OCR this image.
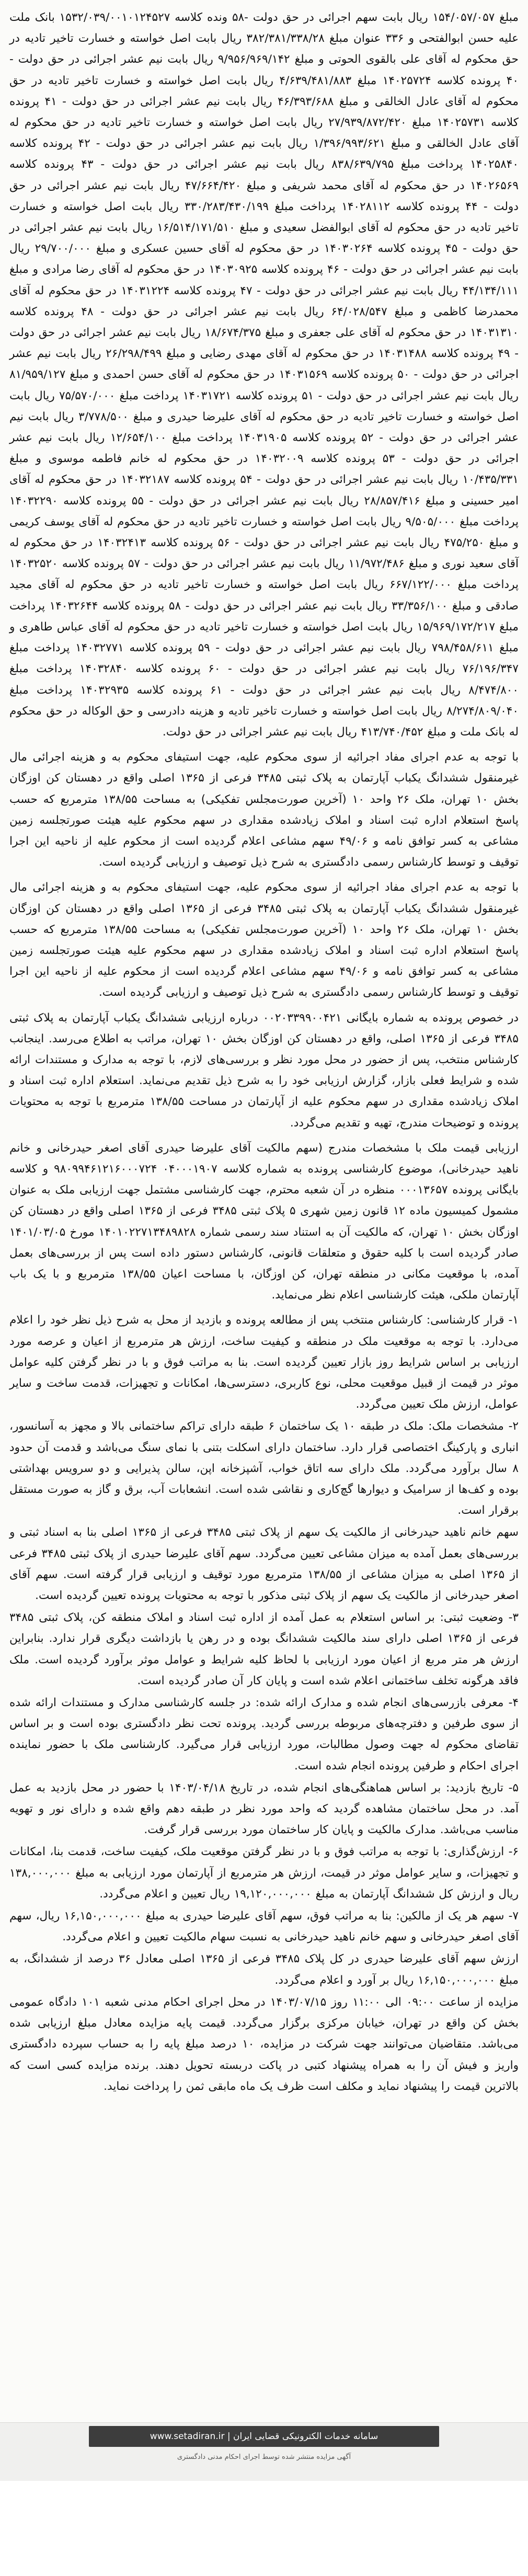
مبلغ ۱۵۴/۰۵۷/۰۵۷ ریال بابت سهم اجرائی در حق دولت‌ -۵۸ ونده ‌کلاسه ۱۵۳۲/۰۳۹/۰۰۱۰۱۲۴۵۲۷ بانک ملت علیه حسن ابوالفتحی و ۳۳۶ عنوان مبلغ ۳۸۲/۳۸۱/۳۳۸/۲۸ ریال بابت اصل خواسته و خسارت تاخیر تادیه در حق محکوم له آقای علی بالقوی الحوتی و مبلغ ۹/۹۵۶/۹۶۹/۱۴۲ ریال بابت نیم عشر اجرائی در حق دولت - ۴۰ پرونده کلاسه ۱۴۰۲۵۷۲۴ مبلغ ۴/۶۳۹/۴۸۱/۸۸۳ ریال بابت اصل خواسته و خسارت تاخیر تادیه در حق محکوم له آقای عادل الخالقی و مبلغ ۴۶/۳۹۳/۶۸۸ ریال بابت نیم عشر اجرائی در حق دولت - ۴۱ پرونده کلاسه ۱۴۰۲۵۷۳۱ مبلغ ۲۷/۹۳۹/۸۷۲/۴۲۰ ریال بابت اصل خواسته و خسارت تاخیر تادیه در حق محکوم له آقای عادل الخالقی و مبلغ ۱/۳۹۶/۹۹۳/۶۲۱ ریال بابت نیم عشر اجرائی در حق دولت - ۴۲ پرونده کلاسه ۱۴۰۲۵۸۴۰ پرداخت مبلغ ۸۳۸/۶۳۹/۷۹۵ ریال بابت نیم عشر اجرائی در حق دولت - ۴۳ پرونده کلاسه ۱۴۰۲۶۵۶۹ در حق محکوم له آقای محمد شریفی و مبلغ ۴۷/۶۶۴/۴۲۰ ریال بابت نیم عشر اجرائی در حق دولت - ۴۴ پرونده کلاسه ۱۴۰۲۸۱۱۲ پرداخت مبلغ ۳۳۰/۲۸۳/۴۳۰/۱۹۹ ریال بابت اصل خواسته و خسارت تاخیر تادیه در حق محکوم له آقای ابوالفضل سعیدی و مبلغ ۱۶/۵۱۴/۱۷۱/۵۱۰ ریال بابت نیم عشر اجرائی در حق دولت - ۴۵ پرونده کلاسه ۱۴۰۳۰۲۶۴ در حق محکوم له آقای حسین عسکری و مبلغ ۲۹/۷۰۰/۰۰۰ ریال بابت نیم عشر اجرائی در حق دولت - ۴۶ پرونده کلاسه ۱۴۰۳۰۹۲۵ در حق محکوم له آقای رضا مرادی و مبلغ ۴۴/۱۳۴/۱۱۱ ریال بابت نیم عشر اجرائی در حق دولت - ۴۷ پرونده کلاسه ۱۴۰۳۱۲۲۴ در حق محکوم له آقای محمدرضا کاظمی و مبلغ ۶۴/۰۲۸/۵۴۷ ریال بابت نیم عشر اجرائی در حق دولت - ۴۸ پرونده کلاسه ۱۴۰۳۱۳۱۰ در حق محکوم له آقای علی جعفری و مبلغ ۱۸/۶۷۴/۳۷۵ ریال بابت نیم عشر اجرائی در حق دولت - ۴۹ پرونده کلاسه ۱۴۰۳۱۴۸۸ در حق محکوم له آقای مهدی رضایی و مبلغ ۲۶/۲۹۸/۴۹۹ ریال بابت نیم عشر اجرائی در حق دولت - ۵۰ پرونده کلاسه ۱۴۰۳۱۵۶۹ در حق محکوم له آقای حسن احمدی و مبلغ ۸۱/۹۵۹/۱۲۷ ریال بابت نیم عشر اجرائی در حق دولت - ۵۱ پرونده کلاسه ۱۴۰۳۱۷۲۱ پرداخت مبلغ ۷۵/۵۷۰/۰۰۰ ریال بابت اصل خواسته و خسارت تاخیر تادیه در حق محکوم له آقای علیرضا حیدری و مبلغ ۳/۷۷۸/۵۰۰ ریال بابت نیم عشر اجرائی در حق دولت - ۵۲ پرونده کلاسه ۱۴۰۳۱۹۰۵ پرداخت مبلغ ۱۲/۶۵۴/۱۰۰ ریال بابت نیم عشر اجرائی در حق دولت - ۵۳ پرونده کلاسه ۱۴۰۳۲۰۰۹ در حق محکوم له خانم فاطمه موسوی و مبلغ ۱۰/۴۳۵/۳۳۱ ریال بابت نیم عشر اجرائی در حق دولت - ۵۴ پرونده کلاسه ۱۴۰۳۲۱۸۷ در حق محکوم له آقای امیر حسینی و مبلغ ۲۸/۸۵۷/۴۱۶ ریال بابت نیم عشر اجرائی در حق دولت - ۵۵ پرونده کلاسه ۱۴۰۳۲۲۹۰ پرداخت مبلغ ۹/۵۰۵/۰۰۰ ریال بابت اصل خواسته و خسارت تاخیر تادیه در حق محکوم له آقای یوسف کریمی و مبلغ ۴۷۵/۲۵۰ ریال بابت نیم عشر اجرائی در حق دولت - ۵۶ پرونده کلاسه ۱۴۰۳۲۴۱۳ در حق محکوم له آقای سعید نوری و مبلغ ۱۱/۹۷۲/۴۸۶ ریال بابت نیم عشر اجرائی در حق دولت - ۵۷ پرونده کلاسه ۱۴۰۳۲۵۲۰ پرداخت مبلغ ۶۶۷/۱۲۲/۰۰۰ ریال بابت اصل خواسته و خسارت تاخیر تادیه در حق محکوم له آقای مجید صادقی و مبلغ ۳۳/۳۵۶/۱۰۰ ریال بابت نیم عشر اجرائی در حق دولت - ۵۸ پرونده کلاسه ۱۴۰۳۲۶۴۴ پرداخت مبلغ ۱۵/۹۶۹/۱۷۲/۲۱۷ ریال بابت اصل خواسته و خسارت تاخیر تادیه در حق محکوم له آقای عباس طاهری و مبلغ ۷۹۸/۴۵۸/۶۱۱ ریال بابت نیم عشر اجرائی در حق دولت - ۵۹ پرونده کلاسه ۱۴۰۳۲۷۷۱ پرداخت مبلغ ۷۶/۱۹۶/۳۴۷ ریال بابت نیم عشر اجرائی در حق دولت - ۶۰ پرونده کلاسه ۱۴۰۳۲۸۴۰ پرداخت مبلغ ۸/۴۷۴/۸۰۰ ریال بابت نیم عشر اجرائی در حق دولت - ۶۱ پرونده کلاسه ۱۴۰۳۲۹۳۵ پرداخت مبلغ ۸/۲۷۴/۸۰۹/۰۴۰ ریال بابت اصل خواسته و خسارت تاخیر تادیه و هزینه دادرسی و حق الوکاله در حق محکوم له بانک ملت و مبلغ ۴۱۳/۷۴۰/۴۵۲ ریال بابت نیم عشر اجرائی در حق دولت.

با توجه به عدم اجرای مفاد اجرائیه از سوی محکوم علیه، جهت استیفای محکوم به و هزینه اجرائی مال غیرمنقول ششدانگ یکباب آپارتمان به پلاک ثبتی ۳۴۸۵ فرعی از ۱۳۶۵ اصلی واقع در دهستان کن اوزگان بخش ۱۰ تهران، ملک ۲۶ واحد ۱۰ (آخرین صورت‌مجلس تفکیکی) به مساحت ۱۳۸/۵۵ مترمربع که حسب پاسخ استعلام اداره ثبت اسناد و املاک زیادشده مقداری در سهم محکوم علیه هیئت صورتجلسه زمین مشاعی به کسر توافق نامه و ۴۹/۰۶ سهم مشاعی اعلام گردیده است از محکوم علیه از ناحیه این اجرا توقیف و توسط کارشناس رسمی دادگستری به شرح ذیل توصیف و ارزیابی گردیده است.

با توجه به عدم اجرای مفاد اجرائیه از سوی محکوم علیه، جهت استیفای محکوم به و هزینه اجرائی مال غیرمنقول ششدانگ یکباب آپارتمان به پلاک ثبتی ۳۴۸۵ فرعی از ۱۳۶۵ اصلی واقع در دهستان کن اوزگان بخش ۱۰ تهران، ملک ۲۶ واحد ۱۰ (آخرین صورت‌مجلس تفکیکی) به مساحت ۱۳۸/۵۵ مترمربع که حسب پاسخ استعلام اداره ثبت اسناد و املاک زیادشده مقداری در سهم محکوم علیه هیئت صورتجلسه زمین مشاعی به کسر توافق نامه و ۴۹/۰۶ سهم مشاعی اعلام گردیده است از محکوم علیه از ناحیه این اجرا توقیف و توسط کارشناس رسمی دادگستری به شرح ذیل توصیف و ارزیابی گردیده است.

در خصوص پرونده به شماره بایگانی ۰۰۲۰۳۳۹۹۰۰۴۲۱ درباره ارزیابی ششدانگ یکباب آپارتمان به پلاک ثبتی ۳۴۸۵ فرعی از ۱۳۶۵ اصلی، واقع در دهستان کن اوزگان بخش ۱۰ تهران، مراتب به اطلاع می‌رسد. اینجانب کارشناس منتخب، پس از حضور در محل مورد نظر و بررسی‌های لازم، با توجه به مدارک و مستندات ارائه شده و شرایط فعلی بازار، گزارش ارزیابی خود را به شرح ذیل تقدیم می‌نماید. استعلام اداره ثبت اسناد و املاک زیادشده مقداری در سهم محکوم علیه از آپارتمان در مساحت ۱۳۸/۵۵ مترمربع با توجه به محتویات پرونده و توضیحات مندرج، تهیه و تقدیم می‌گردد.

ارزیابی قیمت ملک با مشخصات مندرج (سهم مالکیت آقای علیرضا حیدری آقای اصغر حیدرخانی و خانم ناهید حیدرخانی)، موضوع کارشناسی پرونده به شماره کلاسه ۰۴۰۰۰۱۹۰۷ ۹۸۰۹۹۴۶۱۲۱۶۰۰۰۷۲۴ و کلاسه بایگانی پرونده ۰۰۰۱۳۶۵۷ منظره در آن شعبه محترم، جهت کارشناسی مشتمل جهت ارزیابی ملک به عنوان مشمول کمیسیون ماده ۱۲ قانون زمین شهری ۵ پلاک ثبتی ۳۴۸۵ فرعی از ۱۳۶۵ اصلی واقع در دهستان کن اوزگان بخش ۱۰ تهران، که مالکیت آن به استناد سند رسمی شماره ۱۴۰۱۰۲۲۷۱۳۴۸۹۸۲۸ مورخ ۱۴۰۱/۰۳/۰۵ صادر گردیده است با کلیه حقوق و متعلقات قانونی، کارشناس دستور داده است پس از بررسی‌های بعمل آمده، با موقعیت مکانی در منطقه تهران، کن اوزگان، با مساحت اعیان ۱۳۸/۵۵ مترمربع و با یک باب آپارتمان ملکی، هیئت کارشناسی اعلام نظر می‌نماید.

۱- قرار کارشناسی: کارشناس منتخب پس از مطالعه پرونده و بازدید از محل به شرح ذیل نظر خود را اعلام می‌دارد. با توجه به موقعیت ملک در منطقه و کیفیت ساخت، ارزش هر مترمربع از اعیان و عرصه مورد ارزیابی بر اساس شرایط روز بازار تعیین گردیده است. بنا به مراتب فوق و با در نظر گرفتن کلیه عوامل موثر در قیمت از قبیل موقعیت محلی، نوع کاربری، دسترسی‌ها، امکانات و تجهیزات، قدمت ساخت و سایر عوامل، ارزش ملک تعیین می‌گردد.

۲- مشخصات ملک: ملک در طبقه ۱۰ یک ساختمان ۶ طبقه دارای تراکم ساختمانی بالا و مجهز به آسانسور، انباری و پارکینگ اختصاصی قرار دارد. ساختمان دارای اسکلت بتنی با نمای سنگ می‌باشد و قدمت آن حدود ۸ سال برآورد می‌گردد. ملک دارای سه اتاق خواب، آشپزخانه اپن، سالن پذیرایی و دو سرویس بهداشتی بوده و کف‌ها از سرامیک و دیوارها گچ‌کاری و نقاشی شده است. انشعابات آب، برق و گاز به صورت مستقل برقرار است.

سهم خانم ناهید حیدرخانی از مالکیت یک سهم از پلاک ثبتی ۳۴۸۵ فرعی از ۱۳۶۵ اصلی بنا به اسناد ثبتی و بررسی‌های بعمل آمده به میزان مشاعی تعیین می‌گردد. سهم آقای علیرضا حیدری از پلاک ثبتی ۳۴۸۵ فرعی از ۱۳۶۵ اصلی به میزان مشاعی از ۱۳۸/۵۵ مترمربع مورد توقیف و ارزیابی قرار گرفته است. سهم آقای اصغر حیدرخانی از مالکیت یک سهم از پلاک ثبتی مذکور با توجه به محتویات پرونده تعیین گردیده است.

۳- وضعیت ثبتی: بر اساس استعلام به عمل آمده از اداره ثبت اسناد و املاک منطقه کن، پلاک ثبتی ۳۴۸۵ فرعی از ۱۳۶۵ اصلی دارای سند مالکیت ششدانگ بوده و در رهن یا بازداشت دیگری قرار ندارد. بنابراین ارزش هر متر مربع از اعیان مورد ارزیابی با لحاظ کلیه شرایط و عوامل موثر برآورد گردیده است. ملک فاقد هرگونه تخلف ساختمانی اعلام شده است و پایان کار آن صادر گردیده است.

۴- معرفی بازرسی‌های انجام شده و مدارک ارائه شده: در جلسه کارشناسی مدارک و مستندات ارائه شده از سوی طرفین و دفترچه‌های مربوطه بررسی گردید. پرونده تحت نظر دادگستری بوده است و بر اساس تقاضای محکوم له جهت وصول مطالبات، مورد ارزیابی قرار می‌گیرد. کارشناسی ملک با حضور نماینده اجرای احکام و طرفین پرونده انجام شده است.

۵- تاریخ بازدید: بر اساس هماهنگی‌های انجام شده، در تاریخ ۱۴۰۳/۰۴/۱۸ با حضور در محل بازدید به عمل آمد. در محل ساختمان مشاهده گردید که واحد مورد نظر در طبقه دهم واقع شده و دارای نور و تهویه مناسب می‌باشد. مدارک مالکیت و پایان کار ساختمان مورد بررسی قرار گرفت.

۶- ارزش‌گذاری: با توجه به مراتب فوق و با در نظر گرفتن موقعیت ملک، کیفیت ساخت، قدمت بنا، امکانات و تجهیزات، و سایر عوامل موثر در قیمت، ارزش هر مترمربع از آپارتمان مورد ارزیابی به مبلغ ۱۳۸,۰۰۰,۰۰۰ ریال و ارزش کل ششدانگ آپارتمان به مبلغ ۱۹,۱۲۰,۰۰۰,۰۰۰ ریال تعیین و اعلام می‌گردد.

۷- سهم هر یک از مالکین: بنا به مراتب فوق، سهم آقای علیرضا حیدری به مبلغ ۱۶,۱۵۰,۰۰۰,۰۰۰ ریال، سهم آقای اصغر حیدرخانی و سهم خانم ناهید حیدرخانی به نسبت سهام مالکیت تعیین و اعلام می‌گردد.

ارزش سهم آقای علیرضا حیدری در کل پلاک ۳۴۸۵ فرعی از ۱۳۶۵ اصلی معادل ۳۶ درصد از ششدانگ، به مبلغ ۱۶,۱۵۰,۰۰۰,۰۰۰ ریال بر آورد و اعلام می‌گردد.

مزایده از ساعت ۰۹:۰۰ الی ۱۱:۰۰ روز ۱۴۰۳/۰۷/۱۵ در محل اجرای احکام مدنی شعبه ۱۰۱ دادگاه عمومی بخش کن واقع در تهران، خیابان مرکزی برگزار می‌گردد. قیمت پایه مزایده معادل مبلغ ارزیابی شده می‌باشد. متقاضیان می‌توانند جهت شرکت در مزایده، ۱۰ درصد مبلغ پایه را به حساب سپرده دادگستری واریز و فیش آن را به همراه پیشنهاد کتبی در پاکت دربسته تحویل دهند. برنده مزایده کسی است که بالاترین قیمت را پیشنهاد نماید و مکلف است ظرف یک ماه مابقی ثمن را پرداخت نماید.

سامانه خدمات الکترونیکی قضایی ایران | www.setadiran.ir
آگهی مزایده منتشر شده توسط اجرای احکام مدنی دادگستری
